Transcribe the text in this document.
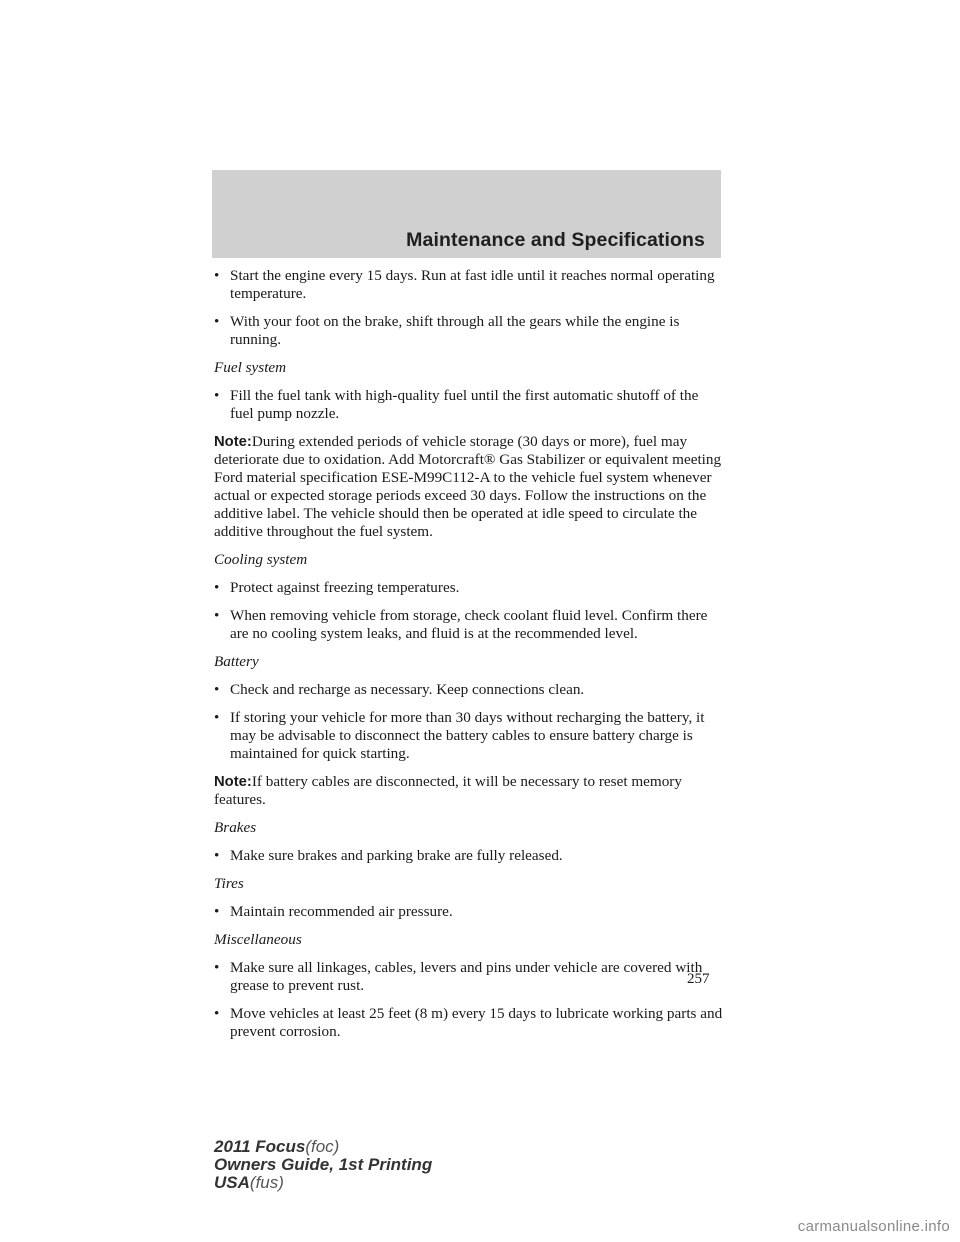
Maintenance and Specifications
• Start the engine every 15 days. Run at fast idle until it reaches normal operating temperature.
• With your foot on the brake, shift through all the gears while the engine is running.
Fuel system
• Fill the fuel tank with high-quality fuel until the first automatic shutoff of the fuel pump nozzle.

Note:During extended periods of vehicle storage (30 days or more), fuel may deteriorate due to oxidation. Add Motorcraft® Gas Stabilizer or equivalent meeting Ford material specification ESE-M99C112-A to the vehicle fuel system whenever actual or expected storage periods exceed 30 days. Follow the instructions on the additive label. The vehicle should then be operated at idle speed to circulate the additive throughout the fuel system.

Cooling system
• Protect against freezing temperatures.
• When removing vehicle from storage, check coolant fluid level. Confirm there are no cooling system leaks, and fluid is at the recommended level.
Battery
• Check and recharge as necessary. Keep connections clean.
• If storing your vehicle for more than 30 days without recharging the battery, it may be advisable to disconnect the battery cables to ensure battery charge is maintained for quick starting.

Note:If battery cables are disconnected, it will be necessary to reset memory features.

Brakes
• Make sure brakes and parking brake are fully released.
Tires
• Maintain recommended air pressure.
Miscellaneous
• Make sure all linkages, cables, levers and pins under vehicle are covered with grease to prevent rust.
• Move vehicles at least 25 feet (8 m) every 15 days to lubricate working parts and prevent corrosion.
257
2011 Focus(foc)
Owners Guide, 1st Printing
USA(fus)
carmanualsonline.info
